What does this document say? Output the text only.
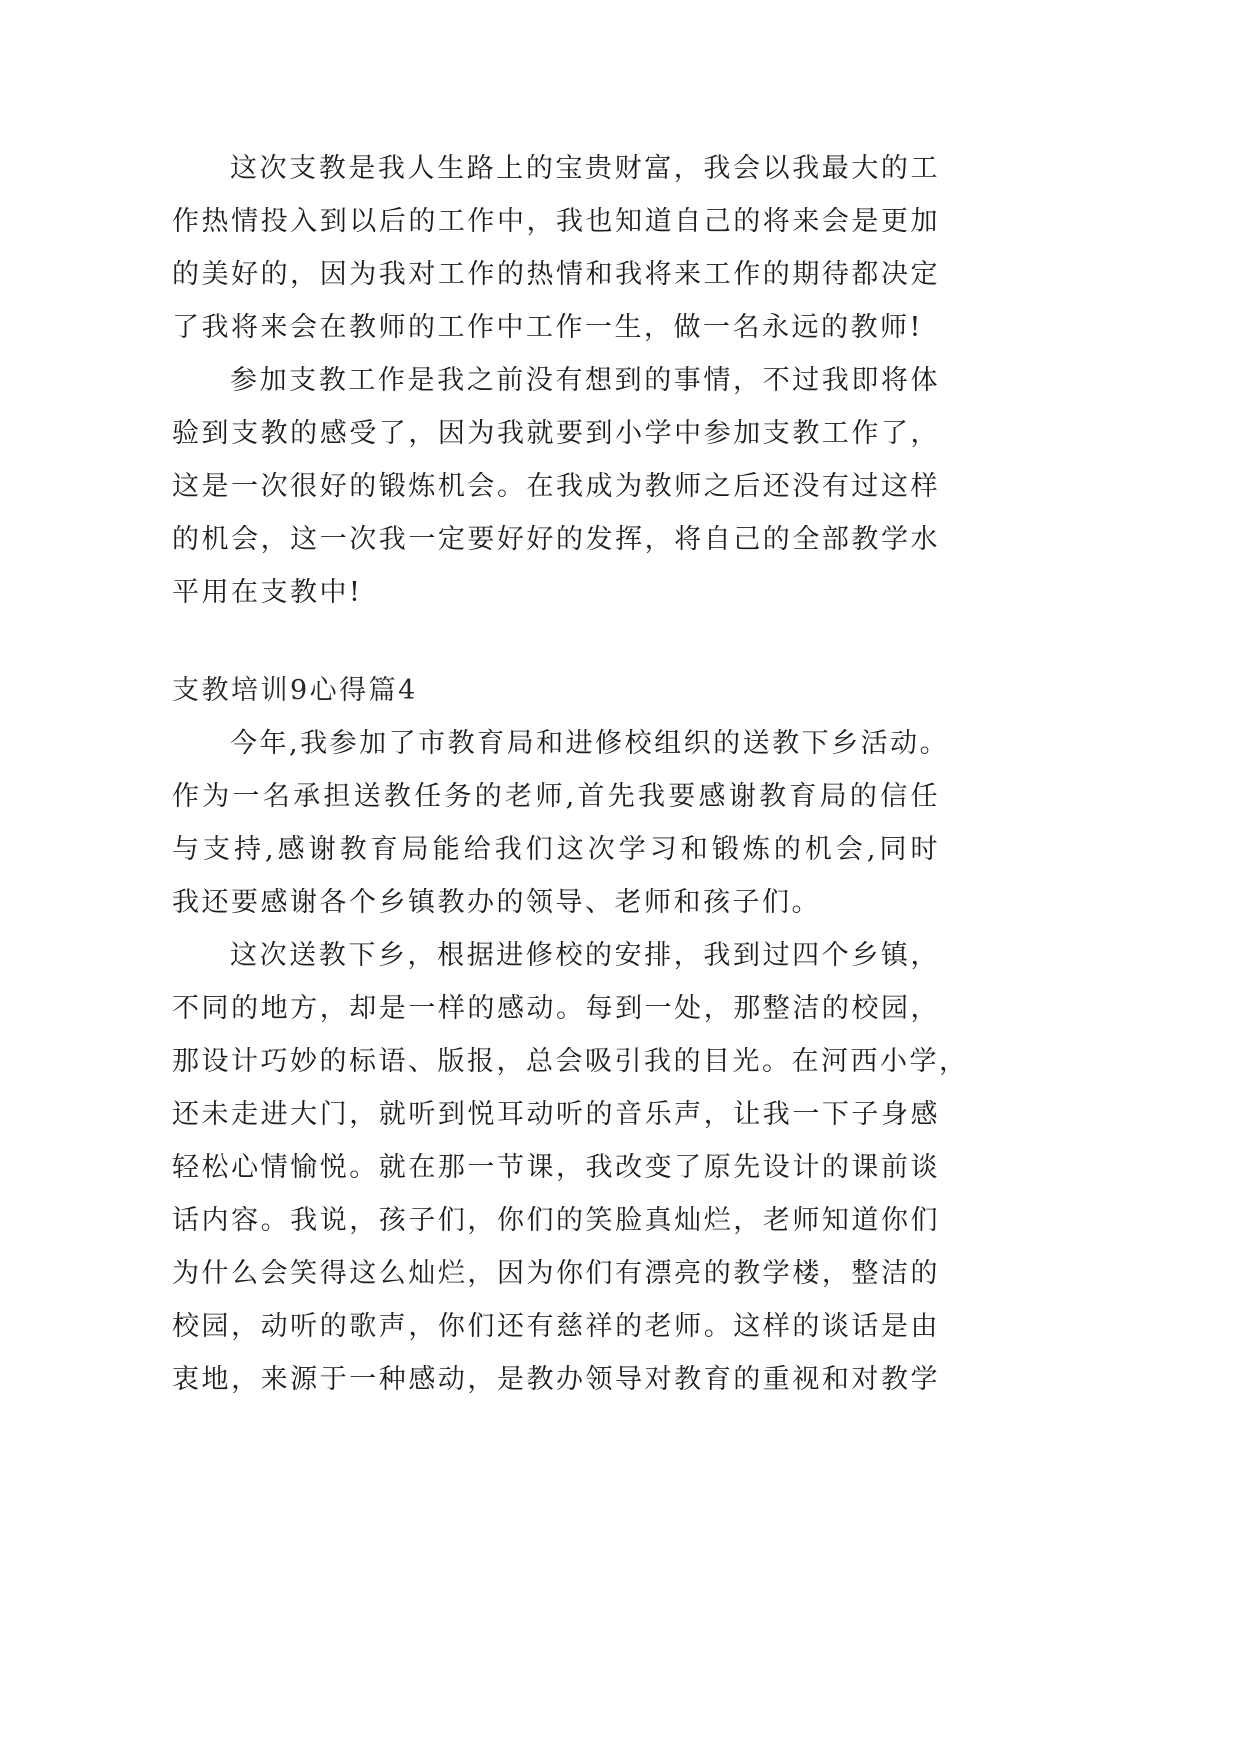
这次支教是我人生路上的宝贵财富，我会以我最大的工
作热情投入到以后的工作中，我也知道自己的将来会是更加
的美好的，因为我对工作的热情和我将来工作的期待都决定
了我将来会在教师的工作中工作一生，做一名永远的教师!
参加支教工作是我之前没有想到的事情，不过我即将体
验到支教的感受了，因为我就要到小学中参加支教工作了，
这是一次很好的锻炼机会。在我成为教师之后还没有过这样
的机会，这一次我一定要好好的发挥，将自己的全部教学水
平用在支教中!
支教培训9心得篇4
今年,我参加了市教育局和进修校组织的送教下乡活动。
作为一名承担送教任务的老师,首先我要感谢教育局的信任
与支持,感谢教育局能给我们这次学习和锻炼的机会,同时
我还要感谢各个乡镇教办的领导、老师和孩子们。
这次送教下乡，根据进修校的安排，我到过四个乡镇，
不同的地方，却是一样的感动。每到一处，那整洁的校园，
那设计巧妙的标语、版报，总会吸引我的目光。在河西小学，
还未走进大门，就听到悦耳动听的音乐声，让我一下子身感
轻松心情愉悦。就在那一节课，我改变了原先设计的课前谈
话内容。我说，孩子们，你们的笑脸真灿烂，老师知道你们
为什么会笑得这么灿烂，因为你们有漂亮的教学楼，整洁的
校园，动听的歌声，你们还有慈祥的老师。这样的谈话是由
衷地，来源于一种感动，是教办领导对教育的重视和对教学
